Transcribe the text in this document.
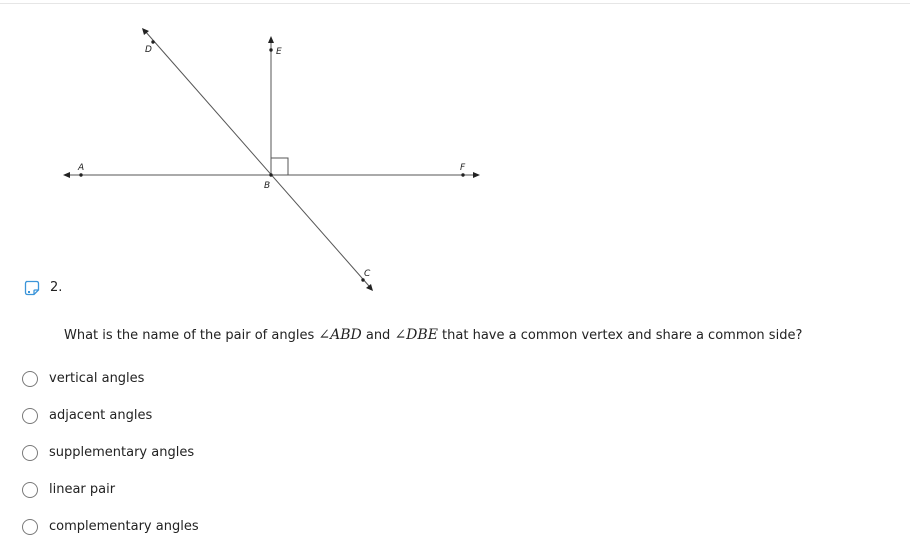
A
B
C
D	E
F
2.
What is the name of the pair of angles ∠ABD and ∠DBE that have a common vertex and share a common side?
vertical angles
adjacent angles
supplementary angles
linear pair
complementary angles
